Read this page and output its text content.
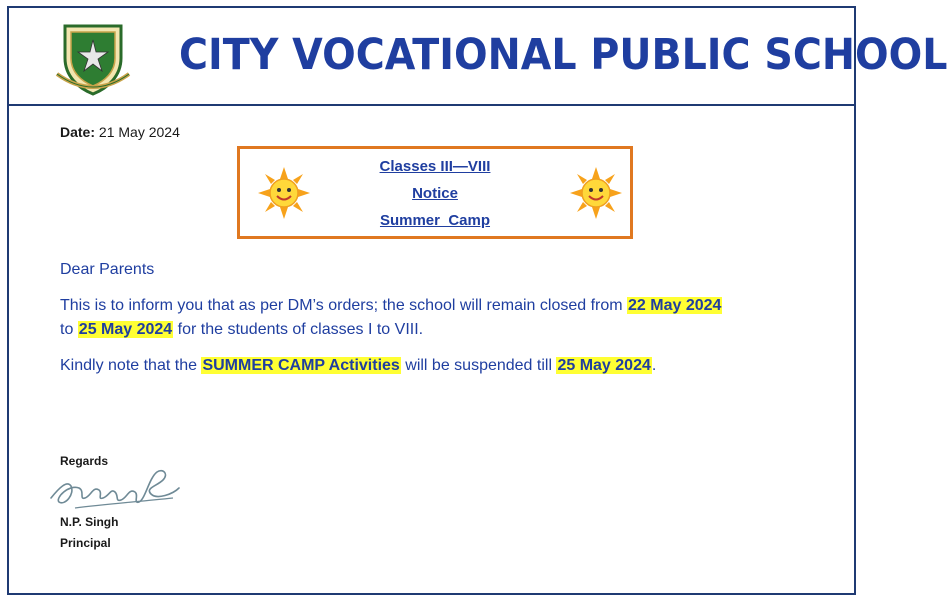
CITY VOCATIONAL PUBLIC SCHOOL
Date: 21 May 2024
Classes III—VIII
Notice
Summer  Camp
Dear Parents
This is to inform you that as per DM’s orders; the school will remain closed from 22 May 2024
to 25 May 2024 for the students of classes I to VIII.
Kindly note that the SUMMER CAMP Activities will be suspended till 25 May 2024.
Regards
N.P. Singh
Principal
